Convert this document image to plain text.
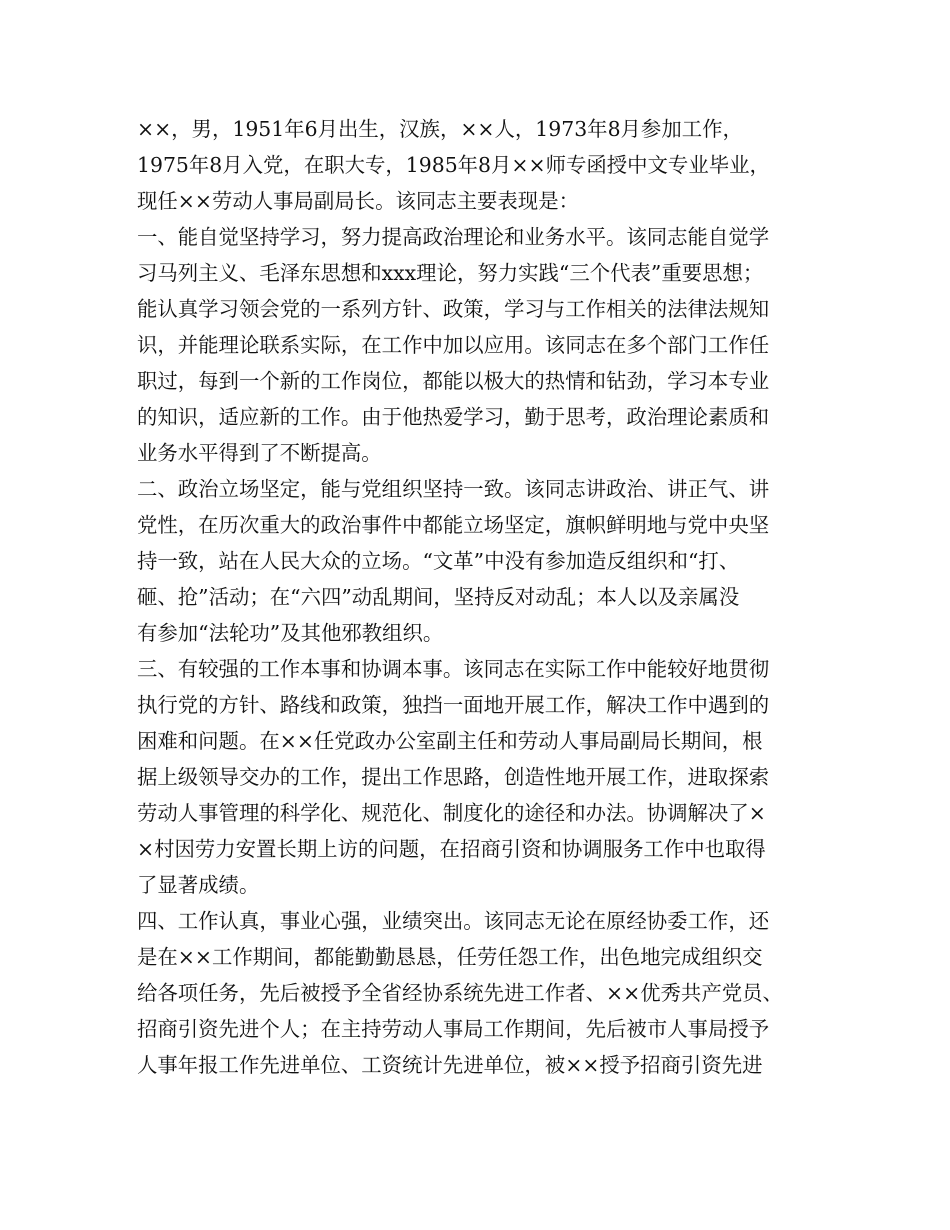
××，男，1951年6月出生，汉族，××人，1973年8月参加工作，
1975年8月入党，在职大专，1985年8月××师专函授中文专业毕业，
现任××劳动人事局副局长。该同志主要表现是：
一、能自觉坚持学习，努力提高政治理论和业务水平。该同志能自觉学
习马列主义、毛泽东思想和xxx理论，努力实践“三个代表”重要思想；
能认真学习领会党的一系列方针、政策，学习与工作相关的法律法规知
识，并能理论联系实际，在工作中加以应用。该同志在多个部门工作任
职过，每到一个新的工作岗位，都能以极大的热情和钻劲，学习本专业
的知识，适应新的工作。由于他热爱学习，勤于思考，政治理论素质和
业务水平得到了不断提高。
二、政治立场坚定，能与党组织坚持一致。该同志讲政治、讲正气、讲
党性，在历次重大的政治事件中都能立场坚定，旗帜鲜明地与党中央坚
持一致，站在人民大众的立场。“文革”中没有参加造反组织和“打、
砸、抢”活动；在“六四”动乱期间，坚持反对动乱；本人以及亲属没
有参加“法轮功”及其他邪教组织。
三、有较强的工作本事和协调本事。该同志在实际工作中能较好地贯彻
执行党的方针、路线和政策，独挡一面地开展工作，解决工作中遇到的
困难和问题。在××任党政办公室副主任和劳动人事局副局长期间，根
据上级领导交办的工作，提出工作思路，创造性地开展工作，进取探索
劳动人事管理的科学化、规范化、制度化的途径和办法。协调解决了×
×村因劳力安置长期上访的问题，在招商引资和协调服务工作中也取得
了显著成绩。
四、工作认真，事业心强，业绩突出。该同志无论在原经协委工作，还
是在××工作期间，都能勤勤恳恳，任劳任怨工作，出色地完成组织交
给各项任务，先后被授予全省经协系统先进工作者、××优秀共产党员、
招商引资先进个人；在主持劳动人事局工作期间，先后被市人事局授予
人事年报工作先进单位、工资统计先进单位，被××授予招商引资先进
